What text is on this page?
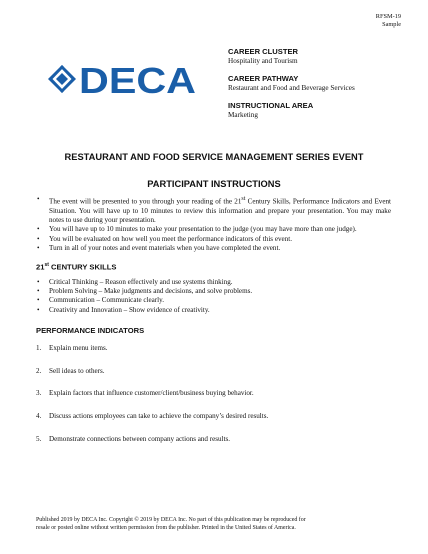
RFSM-19
Sample
DECA
CAREER CLUSTER
Hospitality and Tourism
CAREER PATHWAY
Restaurant and Food and Beverage Services
INSTRUCTIONAL AREA
Marketing
RESTAURANT AND FOOD SERVICE MANAGEMENT SERIES EVENT
PARTICIPANT INSTRUCTIONS
• The event will be presented to you through your reading of the 21st Century Skills, Performance Indicators and Event Situation. You will have up to 10 minutes to review this information and prepare your presentation. You may make notes to use during your presentation.
• You will have up to 10 minutes to make your presentation to the judge (you may have more than one judge).
• You will be evaluated on how well you meet the performance indicators of this event.
• Turn in all of your notes and event materials when you have completed the event.
21st CENTURY SKILLS
• Critical Thinking – Reason effectively and use systems thinking.
• Problem Solving – Make judgments and decisions, and solve problems.
• Communication – Communicate clearly.
• Creativity and Innovation – Show evidence of creativity.
PERFORMANCE INDICATORS
1.	Explain menu items.
2.	Sell ideas to others.
3.	Explain factors that influence customer/client/business buying behavior.
4.	Discuss actions employees can take to achieve the company’s desired results.
5.	Demonstrate connections between company actions and results.
Published 2019 by DECA Inc. Copyright © 2019 by DECA Inc. No part of this publication may be reproduced for
resale or posted online without written permission from the publisher. Printed in the United States of America.
